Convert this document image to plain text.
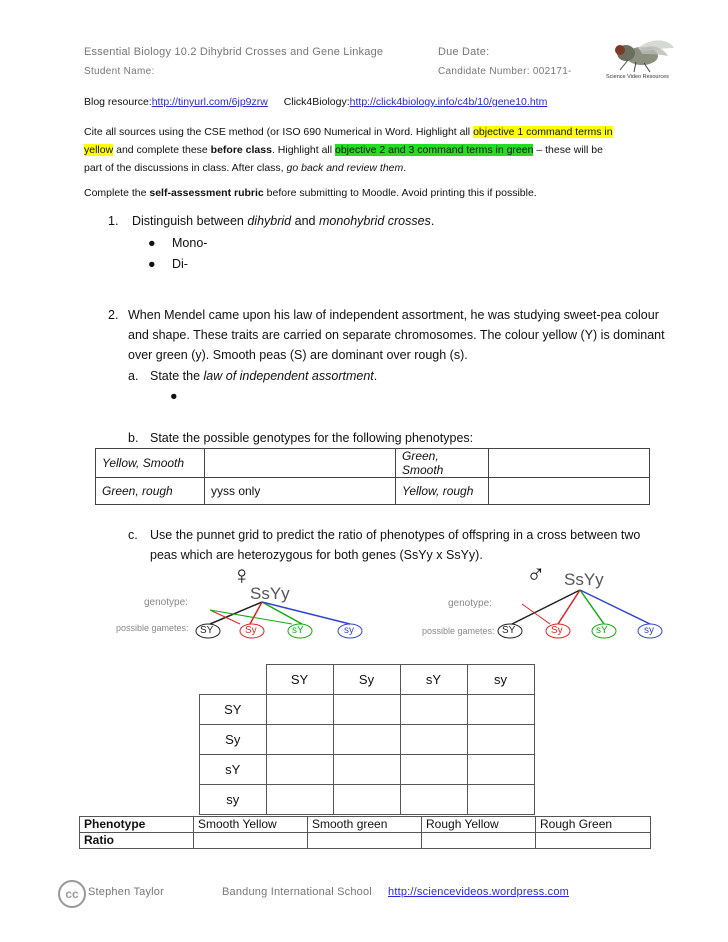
Essential Biology 10.2 Dihybrid Crosses and Gene Linkage	Due Date:
Student Name:	Candidate Number: 002171-	Science Video Resources
Blog resource:http://tinyurl.com/6jp9zrw Click4Biology:http://click4biology.info/c4b/10/gene10.htm
Cite all sources using the CSE method (or ISO 690 Numerical in Word. Highlight all objective 1 command terms in
yellow and complete these before class. Highlight all objective 2 and 3 command terms in green – these will be
part of the discussions in class. After class, go back and review them.
Complete the self-assessment rubric before submitting to Moodle. Avoid printing this if possible.
1. Distinguish between dihybrid and monohybrid crosses.
● Mono-
● Di-
2. When Mendel came upon his law of independent assortment, he was studying sweet-pea colour
and shape. These traits are carried on separate chromosomes. The colour yellow (Y) is dominant
over green (y). Smooth peas (S) are dominant over rough (s).
a. State the law of independent assortment.
●
b. State the possible genotypes for the following phenotypes:
Yellow, Smooth		Green, Smooth	
Green, rough	yyss only	Yellow, rough	
c. Use the punnet grid to predict the ratio of phenotypes of offspring in a cross between two
peas which are heterozygous for both genes (SsYy x SsYy).
♀
SsYy
genotype:
possible gametes: SY	Sy	sY	sy
♂ SsYy
genotype:
possible gametes: SY	Sy	sY	sy
	SY	Sy	sY	sy
SY				
Sy				
sY				
sy				
Phenotype	Smooth Yellow	Smooth green	Rough Yellow	Rough Green
Ratio				
cc Stephen Taylor	Bandung International School http://sciencevideos.wordpress.com
